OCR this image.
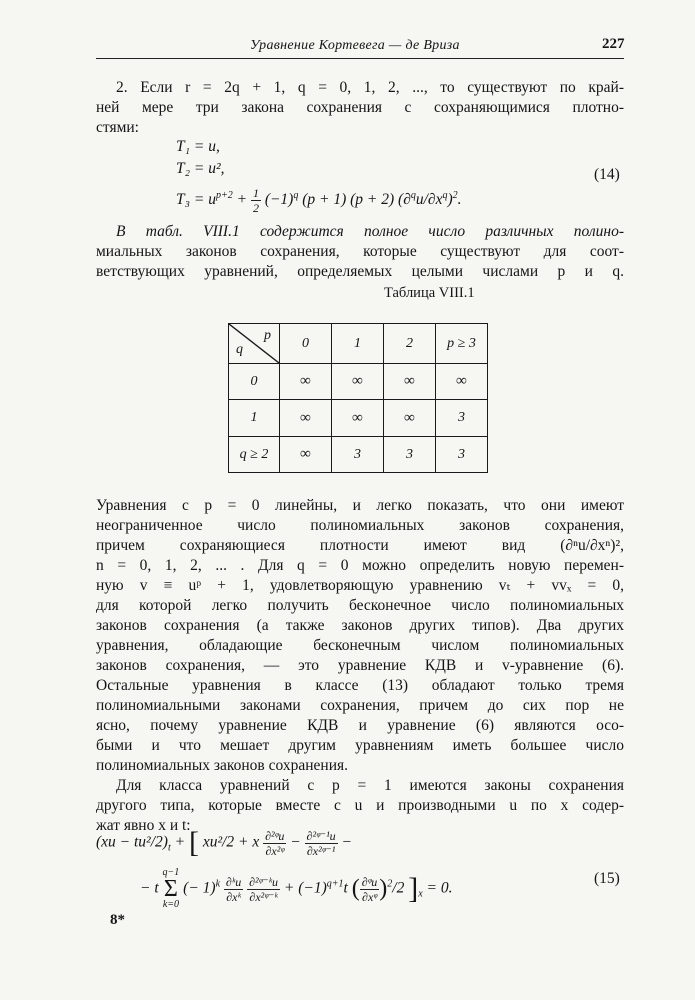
Уравнение Кортевега — де Вриза	227
2. Если r = 2q + 1, q = 0, 1, 2, ..., то существуют по край-
ней мере три закона сохранения с сохраняющимися плотно-
стями:
T₁ = u,
T₂ = u²,
$T_3 = u^{p+2} + \frac{1}{2} (-1)^q$ (p + 1) (p + 2) $(\partial^qu/\partial x^q)^2$.
(14)
В табл. VIII.1 содержится полное число различных полино-
миальных законов сохранения, которые существуют для соот-
ветствующих уравнений, определяемых целыми числами p и q.
Таблица VIII.1
p
q	0	1	2	p ≥ 3
0	∞	∞	∞	∞
1	∞	∞	∞	3
q ≥ 2	∞	3	3	3
Уравнения с p = 0 линейны, и легко показать, что они имеют
неограниченное число полиномиальных законов сохранения,
причем сохраняющиеся плотности имеют вид (∂ⁿu/∂xⁿ)²,
n = 0, 1, 2, ... . Для q = 0 можно определить новую перемен-
ную v ≡ uᵖ + 1, удовлетворяющую уравнению vₜ + vvₓ = 0,
для которой легко получить бесконечное число полиномиальных
законов сохранения (а также законов других типов). Два других
уравнения, обладающие бесконечным числом полиномиальных
законов сохранения, — это уравнение КДВ и v-уравнение (6).
Остальные уравнения в классе (13) обладают только тремя
полиномиальными законами сохранения, причем до сих пор не
ясно, почему уравнение КДВ и уравнение (6) являются осо-
быми и что мешает другим уравнениям иметь большее число
полиномиальных законов сохранения.
Для класса уравнений с p = 1 имеются законы сохранения
другого типа, которые вместе с u и производными u по x содер-
жат явно x и t:
(xu − tu²/$2)_t$ + [ xu²/2 + x $\frac{\text{∂²ᵠu}}{\text{∂x²ᵠ}} - \frac{\text{∂²ᵠ⁻¹u}}{\text{∂x²ᵠ⁻¹}}$ −
− t
q−1
Σ
k=0
(− $1)^k \frac{\text{∂ᵏu}}{\text{∂xᵏ}}$
$\frac{\text{∂²ᵠ⁻ᵏu}}{\text{∂x²ᵠ⁻ᵏ}} + (-1)^{q+1}t$ ( $\frac{\text{∂ᵠu}}{\text{∂xᵠ}} )^2/2$ ]$_x = 0$.
(15)
8*
